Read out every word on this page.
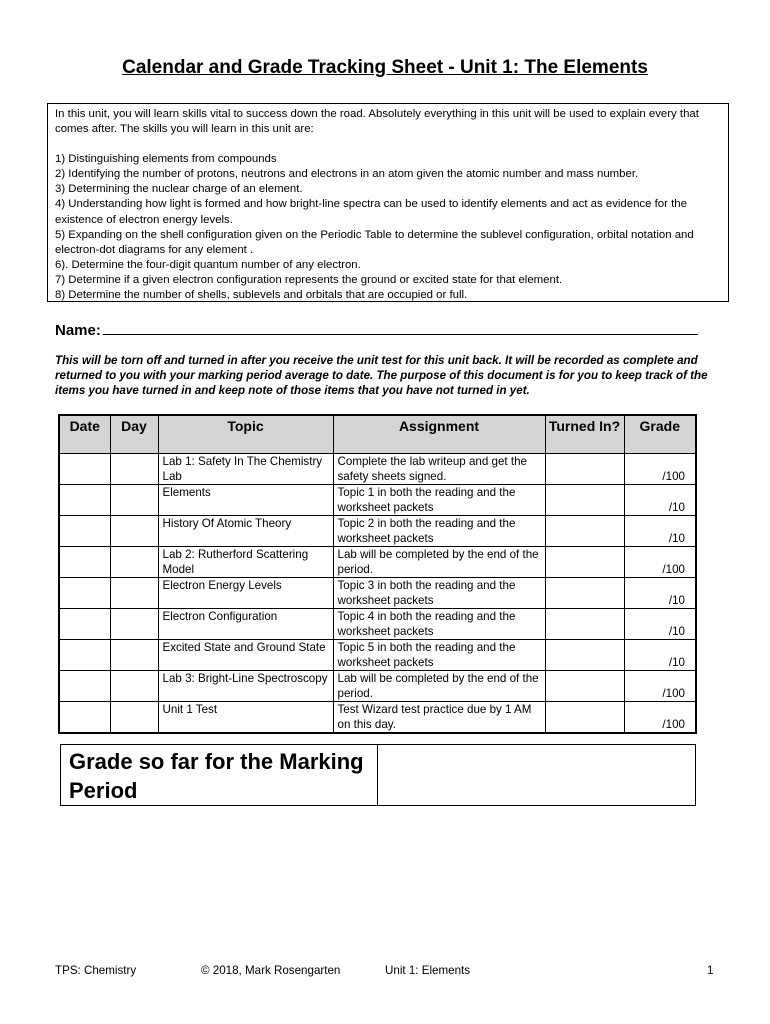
Calendar and Grade Tracking Sheet - Unit 1: The Elements

In this unit, you will learn skills vital to success down the road. Absolutely everything in this unit will be used to explain every that comes after. The skills you will learn in this unit are:

1) Distinguishing elements from compounds

2) Identifying the number of protons, neutrons and electrons in an atom given the atomic number and mass number.

3) Determining the nuclear charge of an element.

4) Understanding how light is formed and how bright-line spectra can be used to identify elements and act as evidence for the existence of electron energy levels.

5) Expanding on the shell configuration given on the Periodic Table to determine the sublevel configuration, orbital notation and electron-dot diagrams for any element .

6). Determine the four-digit quantum number of any electron.

7) Determine if a given electron configuration represents the ground or excited state for that element.

8) Determine the number of shells, sublevels and orbitals that are occupied or full.

Name:
This will be torn off and turned in after you receive the unit test for this unit back. It will be recorded as complete and returned to you with your marking period average to date. The purpose of this document is for you to keep track of the items you have turned in and keep note of those items that you have not turned in yet.
Date	Day	Topic	Assignment	Turned In?	Grade
		Lab 1: Safety In The Chemistry Lab	Complete the lab writeup and get the safety sheets signed.		/100
		Elements	Topic 1 in both the reading and the worksheet packets		/10
		History Of Atomic Theory	Topic 2 in both the reading and the worksheet packets		/10
		Lab 2: Rutherford Scattering Model	Lab will be completed by the end of the period.		/100
		Electron Energy Levels	Topic 3 in both the reading and the worksheet packets		/10
		Electron Configuration	Topic 4 in both the reading and the worksheet packets		/10
		Excited State and Ground State	Topic 5 in both the reading and the worksheet packets		/10
		Lab 3: Bright-Line Spectroscopy	Lab will be completed by the end of the period.		/100
		Unit 1 Test	Test Wizard test practice due by 1 AM on this day.		/100
Grade so far for the Marking Period
TPS: Chemistry	© 2018, Mark Rosengarten	Unit 1: Elements	1
